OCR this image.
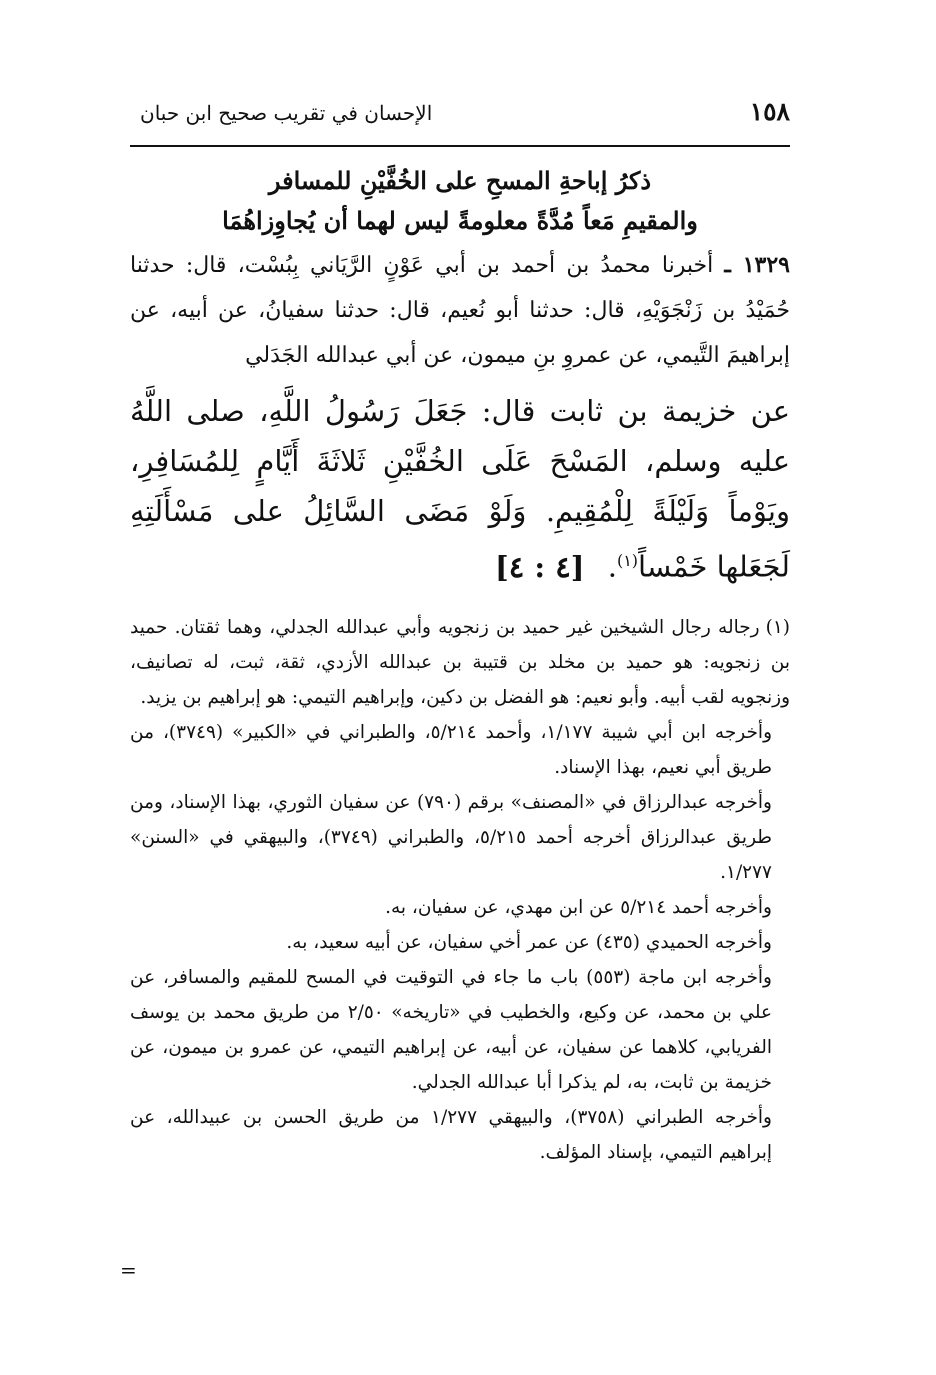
١٥٨
الإحسان في تقريب صحيح ابن حبان
ذكرُ إباحةِ المسحِ على الخُفَّيْنِ للمسافر
والمقيمِ مَعاً مُدَّةً معلومةً ليس لهما أن يُجاوِزاهُمَا
١٣٢٩ ـ أخبرنا محمدُ بن أحمد بن أبي عَوْنٍ الرَّيَاني بِبُسْت، قال: حدثنا حُمَيْدُ بن زَنْجَوَيْهِ، قال: حدثنا أبو نُعيم، قال: حدثنا سفيانُ، عن أبيه، عن إبراهيمَ التَّيمي، عن عمروِ بنِ ميمون، عن أبي عبدالله الجَدَلي
عن خزيمة بن ثابت قال: جَعَلَ رَسُولُ اللَّهِ، صلى اللَّهُ عليه وسلم، المَسْحَ عَلَى الخُفَّيْنِ ثَلاثَةَ أَيَّامٍ لِلمُسَافِرِ، ويَوْماً وَلَيْلَةً لِلْمُقِيمِ. وَلَوْ مَضَى السَّائِلُ على مَسْأَلَتِهِ لَجَعَلها خَمْساً$^{(١)}$. [٤ : ٤]

(١)رجاله رجال الشيخين غير حميد بن زنجويه وأبي عبدالله الجدلي، وهما ثقتان. حميد بن زنجويه: هو حميد بن مخلد بن قتيبة بن عبدالله الأزدي، ثقة، ثبت، له تصانيف، وزنجويه لقب أبيه. وأبو نعيم: هو الفضل بن دكين، وإبراهيم التيمي: هو إبراهيم بن يزيد.

وأخرجه ابن أبي شيبة ١/١٧٧، وأحمد ٥/٢١٤، والطبراني في «الكبير» (٣٧٤٩)، من طريق أبي نعيم، بهذا الإسناد.

وأخرجه عبدالرزاق في «المصنف» برقم (٧٩٠) عن سفيان الثوري، بهذا الإسناد، ومن طريق عبدالرزاق أخرجه أحمد ٥/٢١٥، والطبراني (٣٧٤٩)، والبيهقي في «السنن» ١/٢٧٧.

وأخرجه أحمد ٥/٢١٤ عن ابن مهدي، عن سفيان، به.

وأخرجه الحميدي (٤٣٥) عن عمر أخي سفيان، عن أبيه سعيد، به.

وأخرجه ابن ماجة (٥٥٣) باب ما جاء في التوقيت في المسح للمقيم والمسافر، عن علي بن محمد، عن وكيع، والخطيب في «تاريخه» ٢/٥٠ من طريق محمد بن يوسف الفريابي، كلاهما عن سفيان، عن أبيه، عن إبراهيم التيمي، عن عمرو بن ميمون، عن خزيمة بن ثابت، به، لم يذكرا أبا عبدالله الجدلي.

وأخرجه الطبراني (٣٧٥٨)، والبيهقي ١/٢٧٧ من طريق الحسن بن عبيدالله، عن إبراهيم التيمي، بإسناد المؤلف.

=
